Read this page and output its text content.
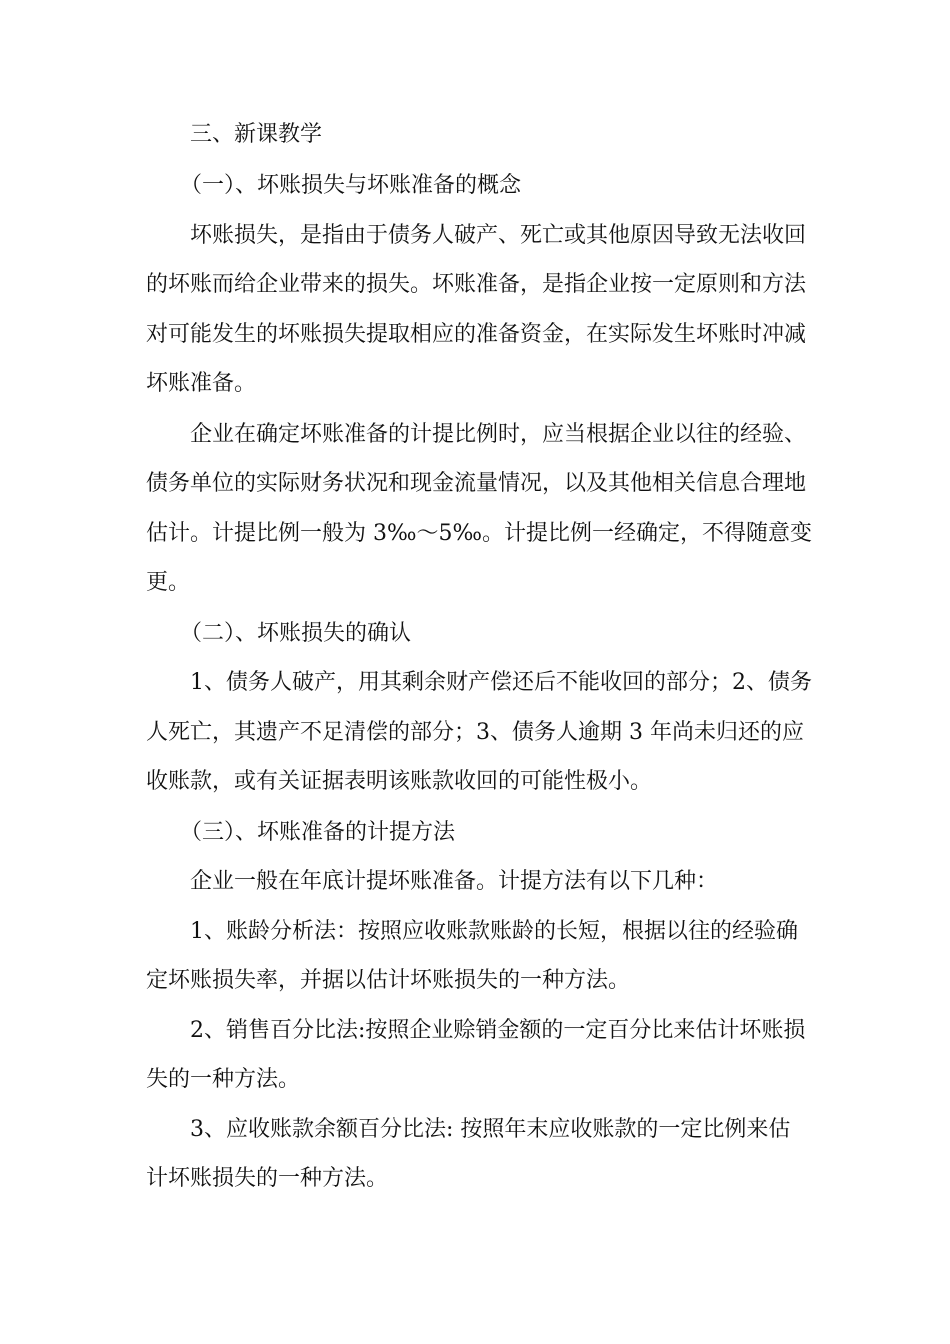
三、新课教学
（一）、坏账损失与坏账准备的概念
坏账损失，是指由于债务人破产、死亡或其他原因导致无法收回
的坏账而给企业带来的损失。坏账准备，是指企业按一定原则和方法
对可能发生的坏账损失提取相应的准备资金，在实际发生坏账时冲减
坏账准备。
企业在确定坏账准备的计提比例时，应当根据企业以往的经验、
债务单位的实际财务状况和现金流量情况，以及其他相关信息合理地
估计。计提比例一般为 3‰～5‰。计提比例一经确定，不得随意变
更。
（二）、坏账损失的确认
1、债务人破产，用其剩余财产偿还后不能收回的部分；2、债务
人死亡，其遗产不足清偿的部分；3、债务人逾期 3 年尚未归还的应
收账款，或有关证据表明该账款收回的可能性极小。
（三）、坏账准备的计提方法
企业一般在年底计提坏账准备。计提方法有以下几种：
1、账龄分析法：按照应收账款账龄的长短，根据以往的经验确
定坏账损失率，并据以估计坏账损失的一种方法。
2、销售百分比法:按照企业赊销金额的一定百分比来估计坏账损
失的一种方法。
3、应收账款余额百分比法: 按照年末应收账款的一定比例来估
计坏账损失的一种方法。
